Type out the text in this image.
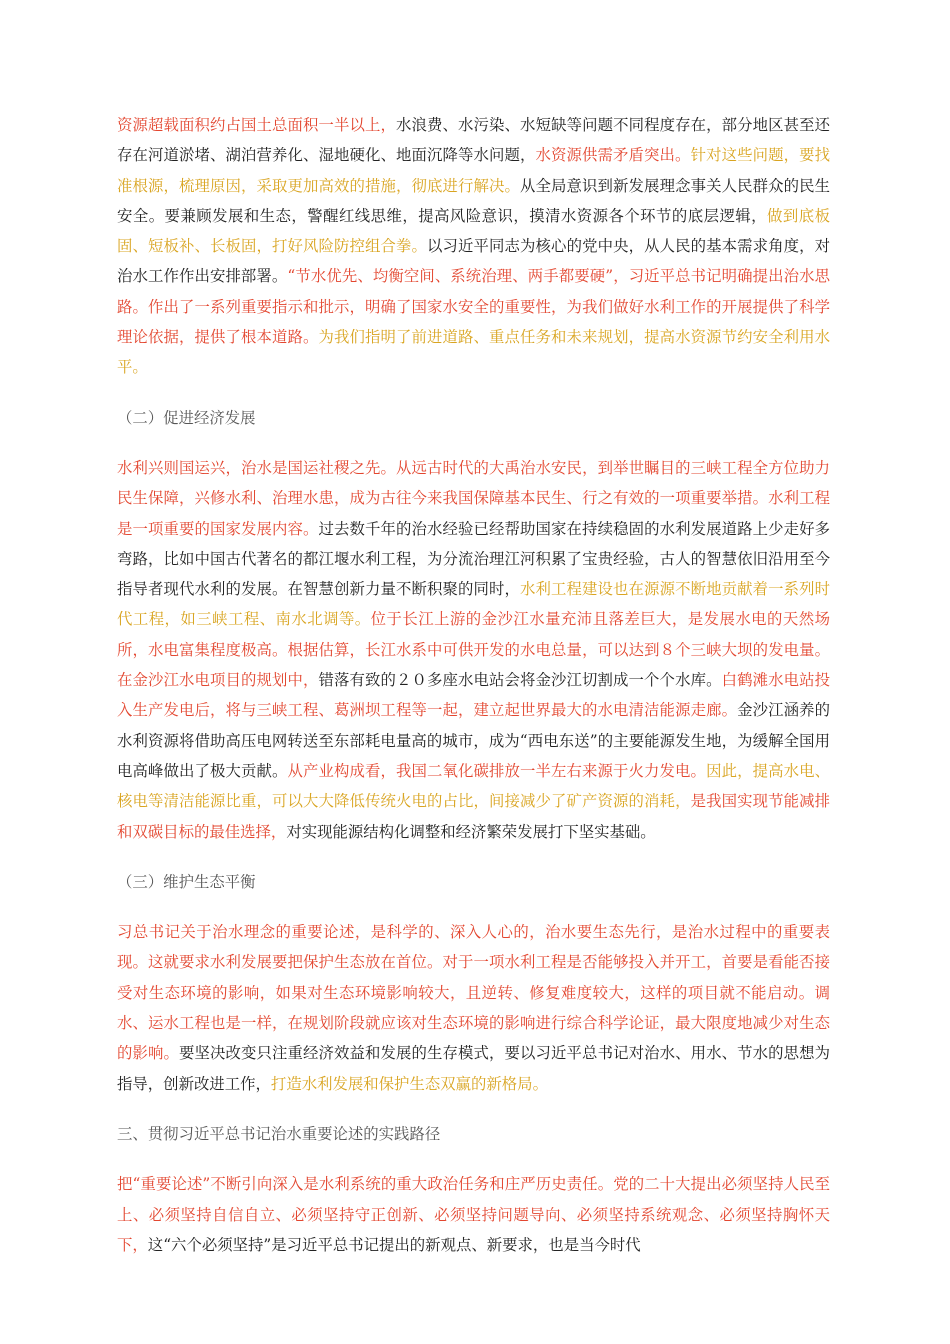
资源超载面积约占国土总面积一半以上，水浪费、水污染、水短缺等问题不同程度存在，部分地区甚至还存在河道淤堵、湖泊营养化、湿地硬化、地面沉降等水问题，水资源供需矛盾突出。针对这些问题，要找准根源，梳理原因，采取更加高效的措施，彻底进行解决。从全局意识到新发展理念事关人民群众的民生安全。要兼顾发展和生态，警醒红线思维，提高风险意识，摸清水资源各个环节的底层逻辑，做到底板固、短板补、长板固，打好风险防控组合拳。以习近平同志为核心的党中央，从人民的基本需求角度，对治水工作作出安排部署。“节水优先、均衡空间、系统治理、两手都要硬”，习近平总书记明确提出治水思路。作出了一系列重要指示和批示，明确了国家水安全的重要性，为我们做好水利工作的开展提供了科学理论依据，提供了根本道路。为我们指明了前进道路、重点任务和未来规划，提高水资源节约安全利用水平。

（二）促进经济发展

水利兴则国运兴，治水是国运社稷之先。从远古时代的大禹治水安民，到举世瞩目的三峡工程全方位助力民生保障，兴修水利、治理水患，成为古往今来我国保障基本民生、行之有效的一项重要举措。水利工程是一项重要的国家发展内容。过去数千年的治水经验已经帮助国家在持续稳固的水利发展道路上少走好多弯路，比如中国古代著名的都江堰水利工程，为分流治理江河积累了宝贵经验，古人的智慧依旧沿用至今指导者现代水利的发展。在智慧创新力量不断积聚的同时，水利工程建设也在源源不断地贡献着一系列时代工程，如三峡工程、南水北调等。位于长江上游的金沙江水量充沛且落差巨大，是发展水电的天然场所，水电富集程度极高。根据估算，长江水系中可供开发的水电总量，可以达到８个三峡大坝的发电量。在金沙江水电项目的规划中，错落有致的２０多座水电站会将金沙江切割成一个个水库。白鹤滩水电站投入生产发电后，将与三峡工程、葛洲坝工程等一起，建立起世界最大的水电清洁能源走廊。金沙江涵养的水利资源将借助高压电网转送至东部耗电量高的城市，成为“西电东送”的主要能源发生地，为缓解全国用电高峰做出了极大贡献。从产业构成看，我国二氧化碳排放一半左右来源于火力发电。因此，提高水电、核电等清洁能源比重，可以大大降低传统火电的占比，间接减少了矿产资源的消耗，是我国实现节能减排和双碳目标的最佳选择，对实现能源结构化调整和经济繁荣发展打下坚实基础。

（三）维护生态平衡

习总书记关于治水理念的重要论述，是科学的、深入人心的，治水要生态先行，是治水过程中的重要表现。这就要求水利发展要把保护生态放在首位。对于一项水利工程是否能够投入并开工，首要是看能否接受对生态环境的影响，如果对生态环境影响较大，且逆转、修复难度较大，这样的项目就不能启动。调水、运水工程也是一样，在规划阶段就应该对生态环境的影响进行综合科学论证，最大限度地减少对生态的影响。要坚决改变只注重经济效益和发展的生存模式，要以习近平总书记对治水、用水、节水的思想为指导，创新改进工作，打造水利发展和保护生态双赢的新格局。

三、贯彻习近平总书记治水重要论述的实践路径

把“重要论述”不断引向深入是水利系统的重大政治任务和庄严历史责任。党的二十大提出必须坚持人民至上、必须坚持自信自立、必须坚持守正创新、必须坚持问题导向、必须坚持系统观念、必须坚持胸怀天下，这“六个必须坚持”是习近平总书记提出的新观点、新要求，也是当今时代
